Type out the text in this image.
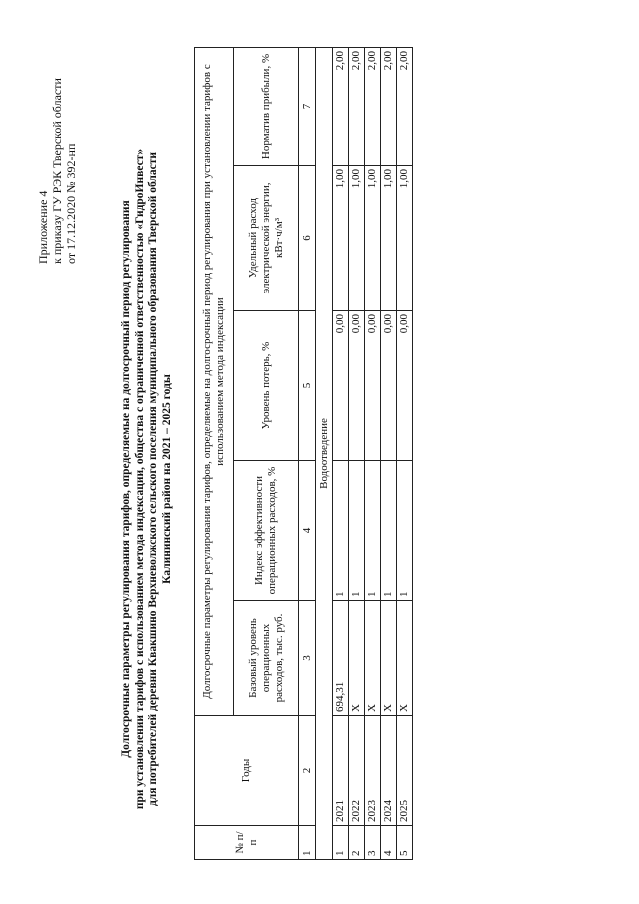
Приложение 4 к приказу ГУ РЭК Тверской области от 17.12.2020 № 392-нп	Долгосрочные параметры регулирования тарифов, определяемые на долгосрочный период регулирования при установлении тарифов с использованием метода индексации, общества с ограниченной ответственностью «ГидроИнвест» для потребителей деревни Квакшино Верхневолжского сельского поселения муниципального образования Тверской области Калининский район на 2021 – 2025 годы
№ п/п	Годы	Долгосрочные параметры регулирования тарифов, определяемые на долгосрочный период регулирования при установлении тарифов с использованием метода индексации				
		Базовый уровень операционных расходов, тыс. руб.	Индекс эффективности операционных расходов, %	Уровень потерь, %	Удельный расход электрической энергии, кВт·ч/м³	Норматив прибыли, %
1	2	3	4	5	6	7
Водоотведение						
1	2021	694,31	1	0,00	1,00	2,00
2	2022	Х	1	0,00	1,00	2,00
3	2023	Х	1	0,00	1,00	2,00
4	2024	Х	1	0,00	1,00	2,00
5	2025	Х	1	0,00	1,00	2,00
